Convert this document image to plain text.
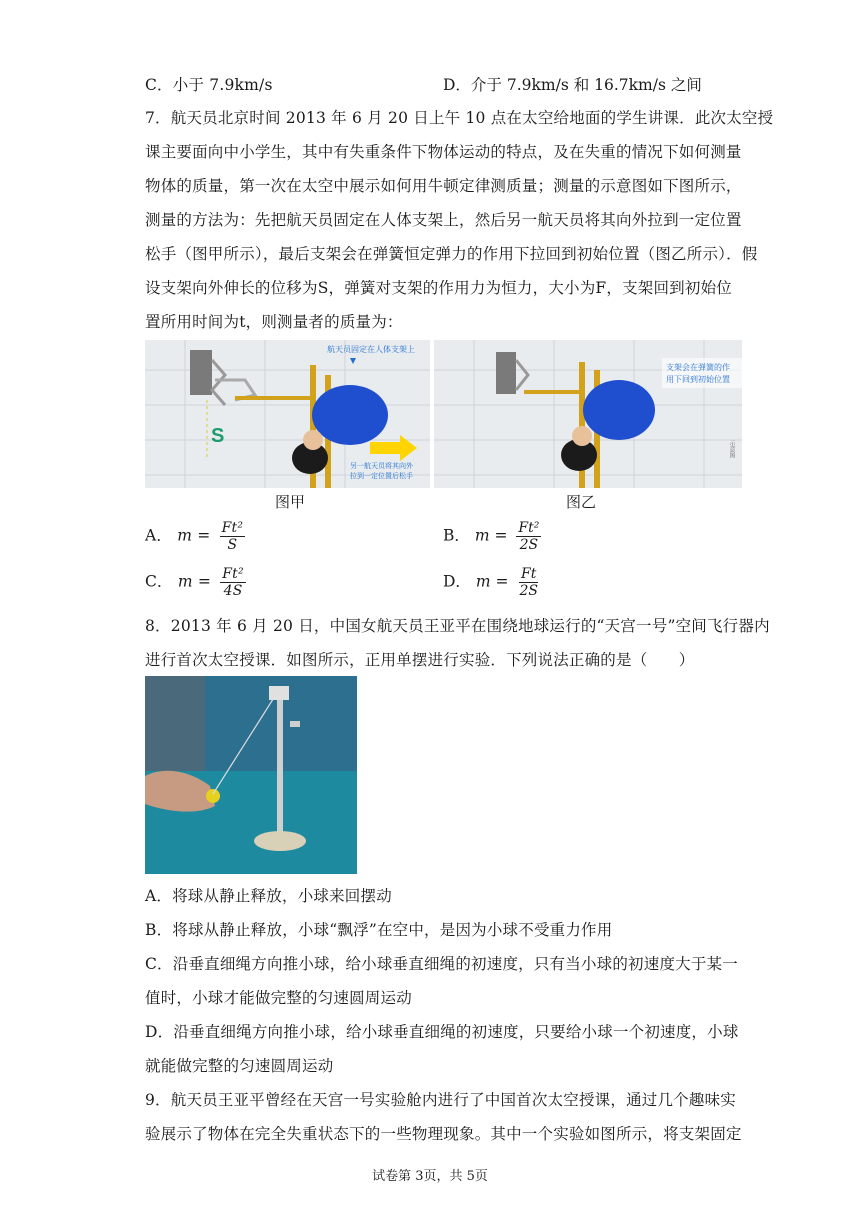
C．小于 7.9km/s	D．介于 7.9km/s 和 16.7km/s 之间
7．航天员北京时间 2013 年 6 月 20 日上午 10 点在太空给地面的学生讲课．此次太空授
课主要面向中小学生，其中有失重条件下物体运动的特点，及在失重的情况下如何测量
物体的质量，第一次在太空中展示如何用牛顿定律测质量；测量的示意图如下图所示，
测量的方法为：先把航天员固定在人体支架上，然后另一航天员将其向外拉到一定位置
松手（图甲所示），最后支架会在弹簧恒定弹力的作用下拉回到初始位置（图乙所示）．假
设支架向外伸长的位移为S，弹簧对支架的作用力为恒力，大小为F，支架回到初始位
置所用时间为t，则测量者的质量为：
S
航天员固定在人体支架上
另一航天员将其向外
拉到一定位置后松手
图甲
支架会在弹簧的作
用下回到初始位置
示意图
图乙
A． $m = \frac{\text{Ft²}}{S}$	B． $m = \frac{\text{Ft²}}{2S}$
C． $m = \frac{\text{Ft²}}{4S}$	D． $m = \frac{Ft}{2S}$
8．2013 年 6 月 20 日，中国女航天员王亚平在围绕地球运行的“天宫一号”空间飞行器内
进行首次太空授课．如图所示，正用单摆进行实验．下列说法正确的是（　　）
A．将球从静止释放，小球来回摆动
B．将球从静止释放，小球“飘浮”在空中，是因为小球不受重力作用
C．沿垂直细绳方向推小球，给小球垂直细绳的初速度，只有当小球的初速度大于某一
值时，小球才能做完整的匀速圆周运动
D．沿垂直细绳方向推小球，给小球垂直细绳的初速度，只要给小球一个初速度，小球
就能做完整的匀速圆周运动
9．航天员王亚平曾经在天宫一号实验舱内进行了中国首次太空授课，通过几个趣味实
验展示了物体在完全失重状态下的一些物理现象。其中一个实验如图所示，将支架固定
试卷第 3页，共 5页
